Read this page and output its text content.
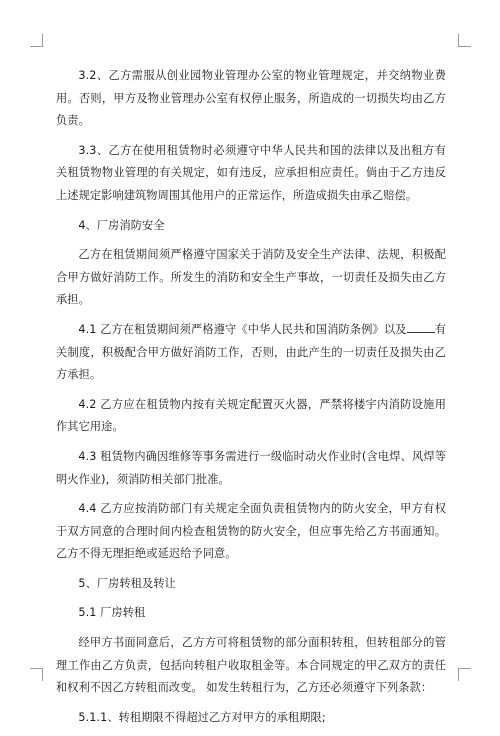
3.2、乙方需服从创业园物业管理办公室的物业管理规定，并交纳物业费用。否则，甲方及物业管理办公室有权停止服务，所造成的一切损失均由乙方负责。

3.3、乙方在使用租赁物时必须遵守中华人民共和国的法律以及出租方有关租赁物物业管理的有关规定，如有违反，应承担相应责任。倘由于乙方违反上述规定影响建筑物周围其他用户的正常运作，所造成损失由承乙赔偿。

4、厂房消防安全

乙方在租赁期间须严格遵守国家关于消防及安全生产法律、法规，积极配合甲方做好消防工作。所发生的消防和安全生产事故，一切责任及损失由乙方承担。

4.1 乙方在租赁期间须严格遵守《中华人民共和国消防条例》以及	有关制度，积极配合甲方做好消防工作，否则，由此产生的一切责任及损失由乙方承担。

4.2 乙方应在租赁物内按有关规定配置灭火器，严禁将楼宇内消防设施用作其它用途。

4.3 租赁物内确因维修等事务需进行一级临时动火作业时(含电焊、风焊等明火作业)，须消防相关部门批准。

4.4 乙方应按消防部门有关规定全面负责租赁物内的防火安全，甲方有权于双方同意的合理时间内检查租赁物的防火安全，但应事先给乙方书面通知。乙方不得无理拒绝或延迟给予同意。

5、厂房转租及转让

5.1 厂房转租

经甲方书面同意后，乙方方可将租赁物的部分面积转租，但转租部分的管理工作由乙方负责，包括向转租户收取租金等。本合同规定的甲乙双方的责任和权利不因乙方转租而改变。 如发生转租行为，乙方还必须遵守下列条款：

5.1.1、转租期限不得超过乙方对甲方的承租期限;
